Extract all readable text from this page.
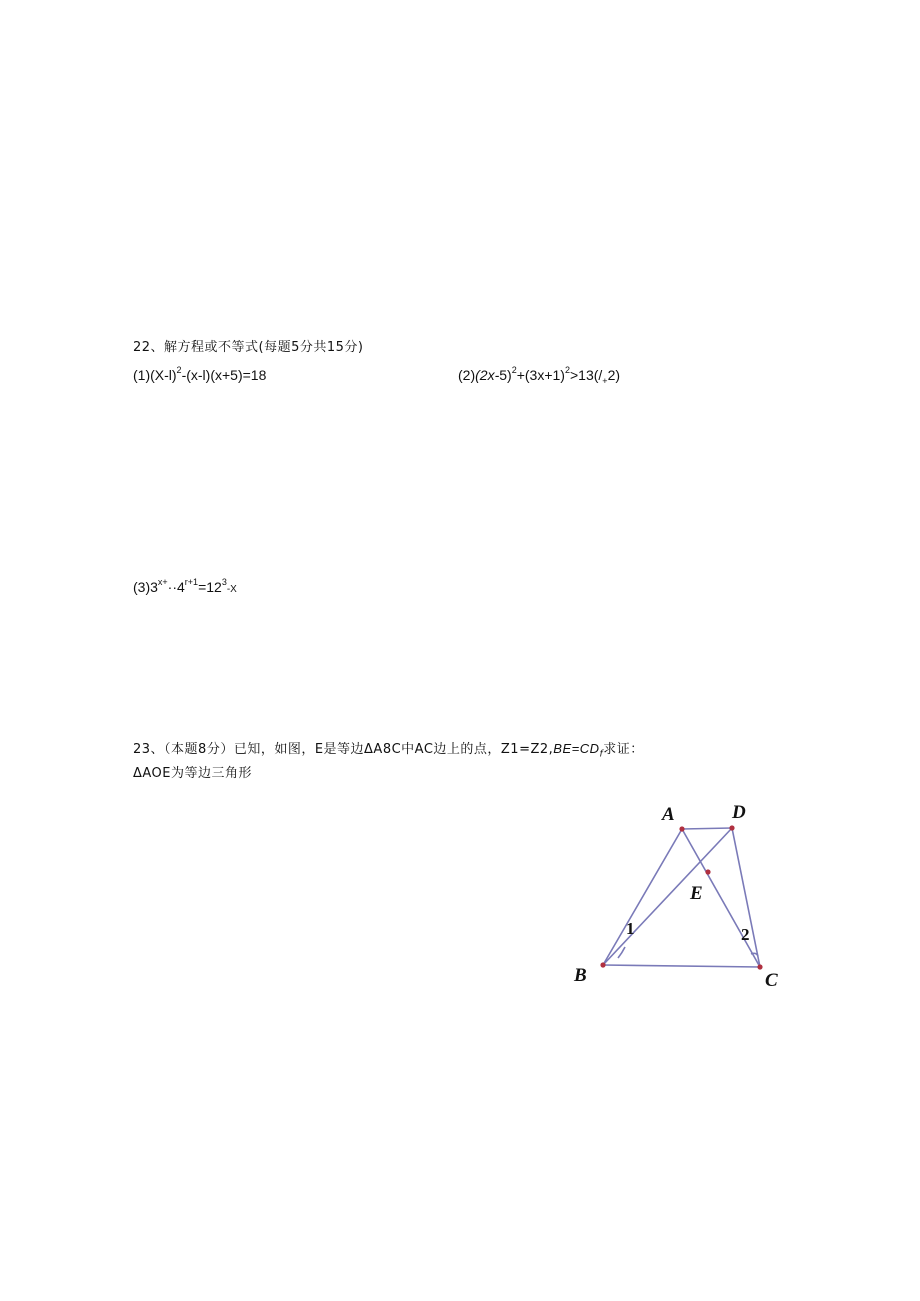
22、解方程或不等式(每题5分共15分)
$(1)(X-l)^2-(x-l)(x+5)=18$	$(2)(2x-5)^2+(3x+1)^2>13(/_+2)$
$(3)3^{x+}\cdot\cdot 4^{r+1}=12^3-X$
23、（本题8分）已知，如图，E是等边ΔA8C中AC边上的点，$Z1=Z2,BE=CD_f$求证：
ΔAOE为等边三角形
A	D
E
1	2
B	C
